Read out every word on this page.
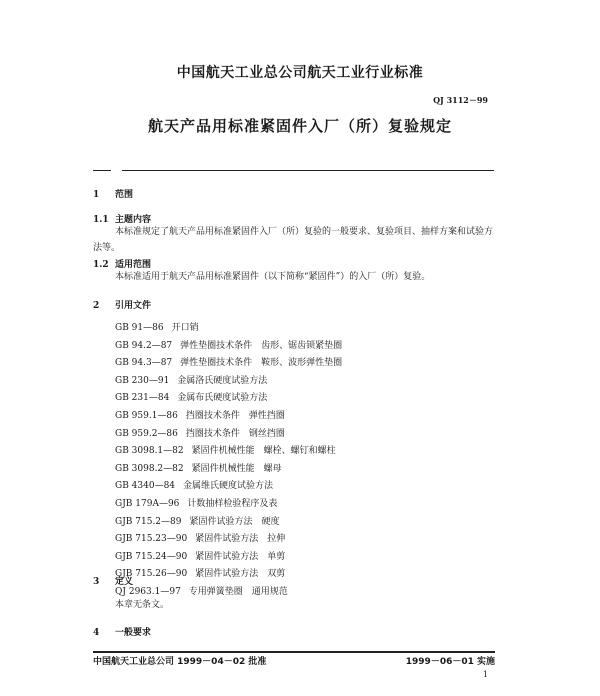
中国航天工业总公司航天工业行业标准
QJ 3112－99
航天产品用标准紧固件入厂（所）复验规定
1 范围
1.1 主题内容
本标准规定了航天产品用标准紧固件入厂（所）复验的一般要求、复验项目、抽样方案和试验方法等。
1.2 适用范围
本标准适用于航天产品用标准紧固件（以下简称“紧固件”）的入厂（所）复验。
2 引用文件
GB 91—86 开口销
GB 94.2—87 弹性垫圈技术条件　齿形、锯齿锁紧垫圈
GB 94.3—87 弹性垫圈技术条件　鞍形、波形弹性垫圈
GB 230—91 金属洛氏硬度试验方法
GB 231—84 金属布氏硬度试验方法
GB 959.1—86 挡圈技术条件　弹性挡圈
GB 959.2—86 挡圈技术条件　钢丝挡圈
GB 3098.1—82 紧固件机械性能　螺栓、螺钉和螺柱
GB 3098.2—82 紧固件机械性能　螺母
GB 4340—84 金属维氏硬度试验方法
GJB 179A—96 计数抽样检验程序及表
GJB 715.2—89 紧固件试验方法　硬度
GJB 715.23—90 紧固件试验方法　拉伸
GJB 715.24—90 紧固件试验方法　单剪
GJB 715.26—90 紧固件试验方法　双剪
QJ 2963.1—97 专用弹簧垫圈　通用规范
3 定义
本章无条文。
4 一般要求
中国航天工业总公司 1999－04－02 批准	1999－06－01 实施
1
